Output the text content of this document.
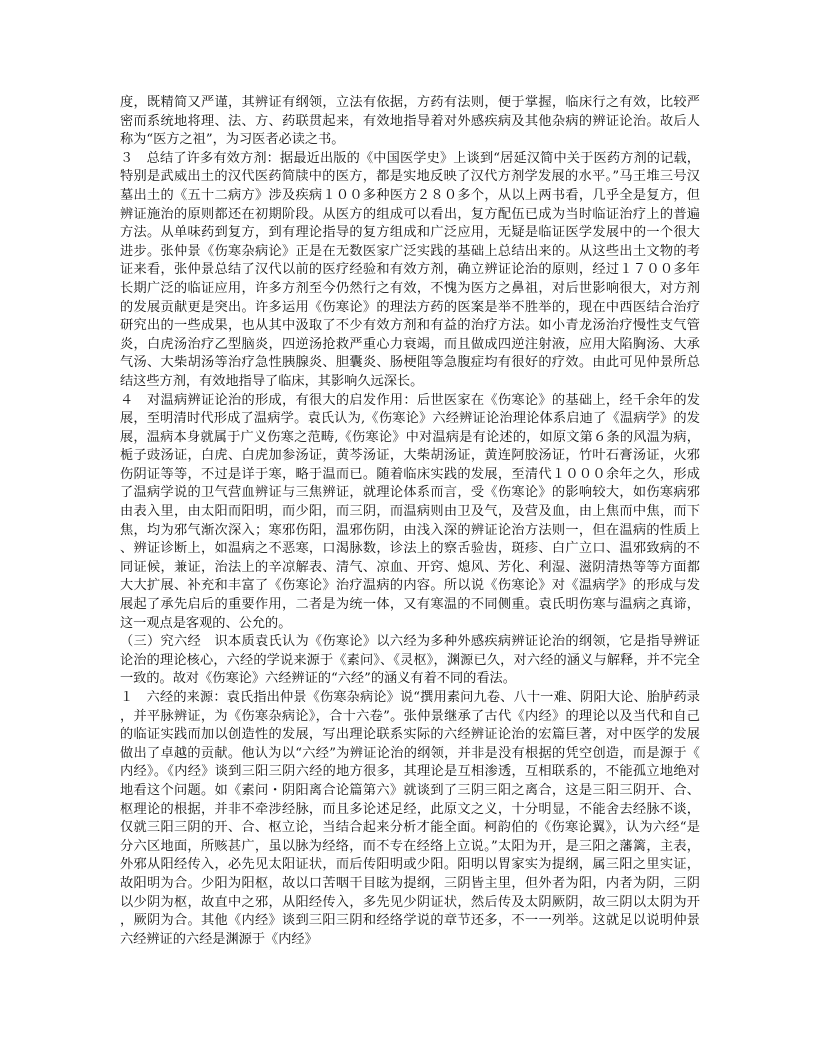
度，既精简又严谨，其辨证有纲领，立法有依据，方药有法则，便于掌握，临床行之有效，比较严密而系统地将理、法、方、药联贯起来，有效地指导着对外感疾病及其他杂病的辨证论治。故后人称为“医方之祖”，为习医者必读之书。

３　总结了许多有效方剂：据最近出版的《中国医学史》上谈到“居延汉简中关于医药方剂的记载，特别是武威出土的汉代医药简牍中的医方，都是实地反映了汉代方剂学发展的水平。”马王堆三号汉墓出土的《五十二病方》涉及疾病１００多种医方２８０多个，从以上两书看，几乎全是复方，但辨证施治的原则都还在初期阶段。从医方的组成可以看出，复方配伍已成为当时临证治疗上的普遍方法。从单味药到复方，到有理论指导的复方组成和广泛应用，无疑是临证医学发展中的一个很大进步。张仲景《伤寒杂病论》正是在无数医家广泛实践的基础上总结出来的。从这些出土文物的考证来看，张仲景总结了汉代以前的医疗经验和有效方剂，确立辨证论治的原则，经过１７００多年长期广泛的临证应用，许多方剂至今仍然行之有效，不愧为医方之鼻祖，对后世影响很大，对方剂的发展贡献更是突出。许多运用《伤寒论》的理法方药的医案是举不胜举的，现在中西医结合治疗研究出的一些成果，也从其中汲取了不少有效方剂和有益的治疗方法。如小青龙汤治疗慢性支气管炎，白虎汤治疗乙型脑炎，四逆汤抢救严重心力衰竭，而且做成四逆注射液，应用大陷胸汤、大承气汤、大柴胡汤等治疗急性胰腺炎、胆囊炎、肠梗阻等急腹症均有很好的疗效。由此可见仲景所总结这些方剂，有效地指导了临床，其影响久远深长。

４　对温病辨证论治的形成，有很大的启发作用：后世医家在《伤寒论》的基础上，经千余年的发展，至明清时代形成了温病学。袁氏认为,《伤寒论》六经辨证论治理论体系启迪了《温病学》的发展，温病本身就属于广义伤寒之范畴,《伤寒论》中对温病是有论述的，如原文第６条的风温为病，栀子豉汤证，白虎、白虎加参汤证，黄芩汤证，大柴胡汤证，黄连阿胶汤证，竹叶石膏汤证，火邪伤阴证等等，不过是详于寒，略于温而已。随着临床实践的发展，至清代１０００余年之久，形成了温病学说的卫气营血辨证与三焦辨证，就理论体系而言，受《伤寒论》的影响较大，如伤寒病邪由表入里，由太阳而阳明，而少阳，而三阴，而温病则由卫及气，及营及血，由上焦而中焦，而下焦，均为邪气渐次深入；寒邪伤阳，温邪伤阴，由浅入深的辨证论治方法则一，但在温病的性质上、辨证诊断上，如温病之不恶寒，口渴脉数，诊法上的察舌验齿，斑疹、白广立口、温邪致病的不同证候，兼证，治法上的辛凉解表、清气、凉血、开窍、熄风、芳化、利湿、滋阴清热等等方面都大大扩展、补充和丰富了《伤寒论》治疗温病的内容。所以说《伤寒论》对《温病学》的形成与发展起了承先启后的重要作用，二者是为统一体，又有寒温的不同侧重。袁氏明伤寒与温病之真谛，这一观点是客观的、公允的。

（三）究六经　识本质袁氏认为《伤寒论》以六经为多种外感疾病辨证论治的纲领，它是指导辨证论治的理论核心，六经的学说来源于《素问》、《灵枢》，渊源已久，对六经的涵义与解释，并不完全一致的。故对《伤寒论》六经辨证的“六经”的涵义有着不同的看法。

１　六经的来源：袁氏指出仲景《伤寒杂病论》说“撰用素问九卷、八十一难、阴阳大论、胎胪药录，并平脉辨证，为《伤寒杂病论》，合十六卷”。张仲景继承了古代《内经》的理论以及当代和自己的临证实践而加以创造性的发展，写出理论联系实际的六经辨证论治的宏篇巨著，对中医学的发展做出了卓越的贡献。他认为以“六经”为辨证论治的纲领，并非是没有根据的凭空创造，而是源于《内经》。《内经》谈到三阳三阴六经的地方很多，其理论是互相渗透，互相联系的，不能孤立地绝对地看这个问题。如《素问・阴阳离合论篇第六》就谈到了三阴三阳之离合，这是三阳三阴开、合、枢理论的根据，并非不牵涉经脉，而且多论述足经，此原文之义，十分明显，不能舍去经脉不谈，仅就三阳三阴的开、合、枢立论，当结合起来分析才能全面。柯韵伯的《伤寒论翼》，认为六经“是分六区地面，所赅甚广，虽以脉为经络，而不专在经络上立说。”太阳为开，是三阳之藩篱，主表，外邪从阳经传入，必先见太阳证状，而后传阳明或少阳。阳明以胃家实为提纲，属三阳之里实证，故阳明为合。少阳为阳枢，故以口苦咽干目眩为提纲，三阴皆主里，但外者为阳，内者为阴，三阴以少阴为枢，故直中之邪，从阳经传入，多先见少阴证状，然后传及太阴厥阴，故三阴以太阴为开，厥阴为合。其他《内经》谈到三阳三阴和经络学说的章节还多，不一一列举。这就足以说明仲景六经辨证的六经是渊源于《内经》
